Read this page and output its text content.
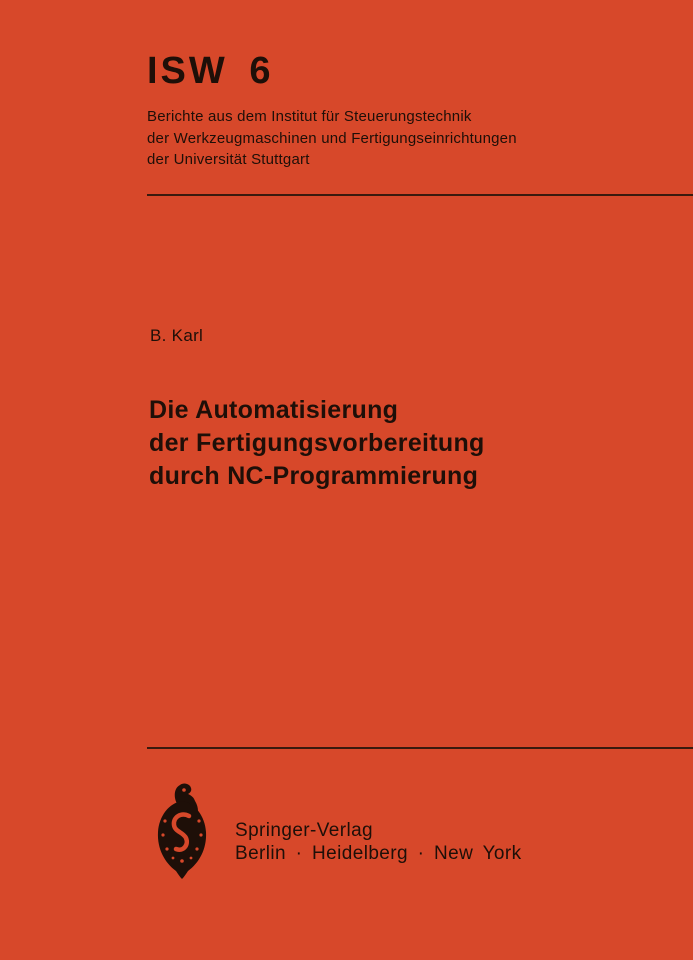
ISW 6
Berichte aus dem Institut für Steuerungstechnik
der Werkzeugmaschinen und Fertigungseinrichtungen
der Universität Stuttgart
B. Karl
Die Automatisierung
der Fertigungsvorbereitung
durch NC-Programmierung
Springer-Verlag
Berlin · Heidelberg · New York
